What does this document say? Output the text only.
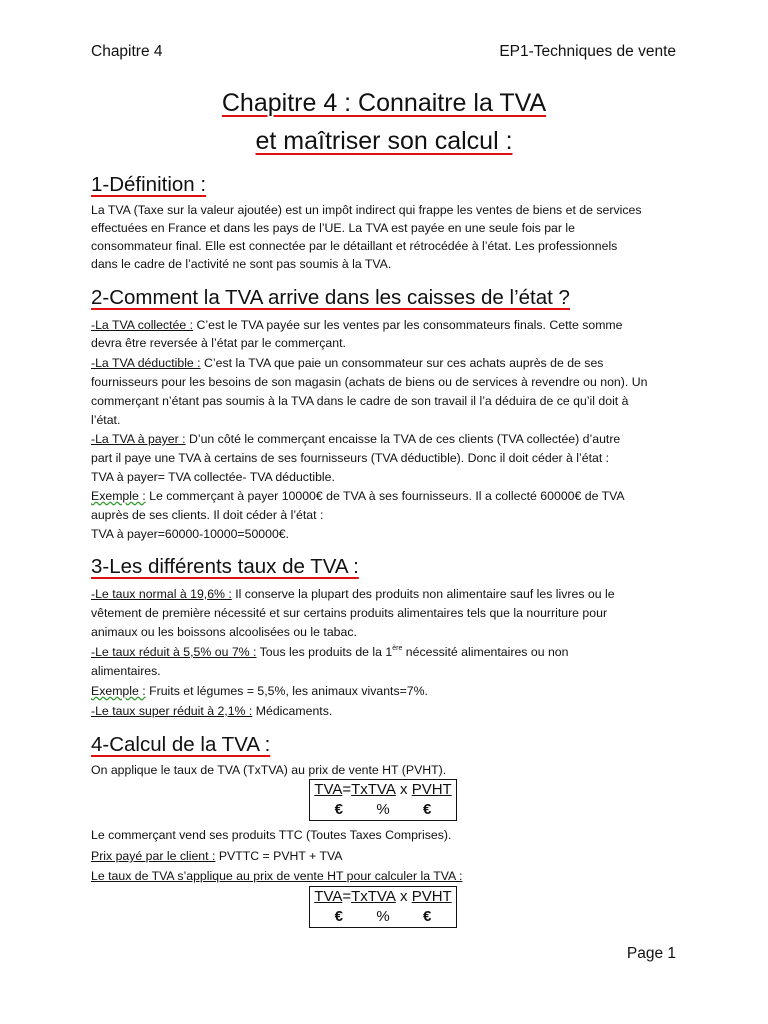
Chapitre 4	EP1-Techniques de vente
Chapitre 4 : Connaitre la TVA
et maîtriser son calcul :
1-Définition :
La TVA (Taxe sur la valeur ajoutée) est un impôt indirect qui frappe les ventes de biens et de services
effectuées en France et dans les pays de l’UE. La TVA est payée en une seule fois par le
consommateur final. Elle est connectée par le détaillant et rétrocédée à l’état. Les professionnels
dans le cadre de l’activité ne sont pas soumis à la TVA.
2-Comment la TVA arrive dans les caisses de l’état ?
-La TVA collectée : C’est le TVA payée sur les ventes par les consommateurs finals. Cette somme
devra être reversée à l’état par le commerçant.
-La TVA déductible : C’est la TVA que paie un consommateur sur ces achats auprès de de ses
fournisseurs pour les besoins de son magasin (achats de biens ou de services à revendre ou non). Un
commerçant n’étant pas soumis à la TVA dans le cadre de son travail il l’a déduira de ce qu’il doit à
l’état.
-La TVA à payer : D’un côté le commerçant encaisse la TVA de ces clients (TVA collectée) d’autre
part il paye une TVA à certains de ses fournisseurs (TVA déductible). Donc il doit céder à l’état :
TVA à payer= TVA collectée- TVA déductible.
Exemple : Le commerçant à payer 10000€ de TVA à ses fournisseurs. Il a collecté 60000€ de TVA
auprès de ses clients. Il doit céder à l’état :
TVA à payer=60000-10000=50000€.
3-Les différents taux de TVA :
-Le taux normal à 19,6% : Il conserve la plupart des produits non alimentaire sauf les livres ou le
vêtement de première nécessité et sur certains produits alimentaires tels que la nourriture pour
animaux ou les boissons alcoolisées ou le tabac.
-Le taux réduit à 5,5% ou 7% : Tous les produits de la 1ère nécessité alimentaires ou non
alimentaires.
Exemple : Fruits et légumes = 5,5%, les animaux vivants=7%.
-Le taux super réduit à 2,1% : Médicaments.
4-Calcul de la TVA :
On applique le taux de TVA (TxTVA) au prix de vente HT (PVHT).
TVA = TxTVA x PVHT
€ % €
Le commerçant vend ses produits TTC (Toutes Taxes Comprises).
Prix payé par le client : PVTTC = PVHT + TVA
Le taux de TVA s’applique au prix de vente HT pour calculer la TVA :
TVA = TxTVA x PVHT
€ % €
Page 1
